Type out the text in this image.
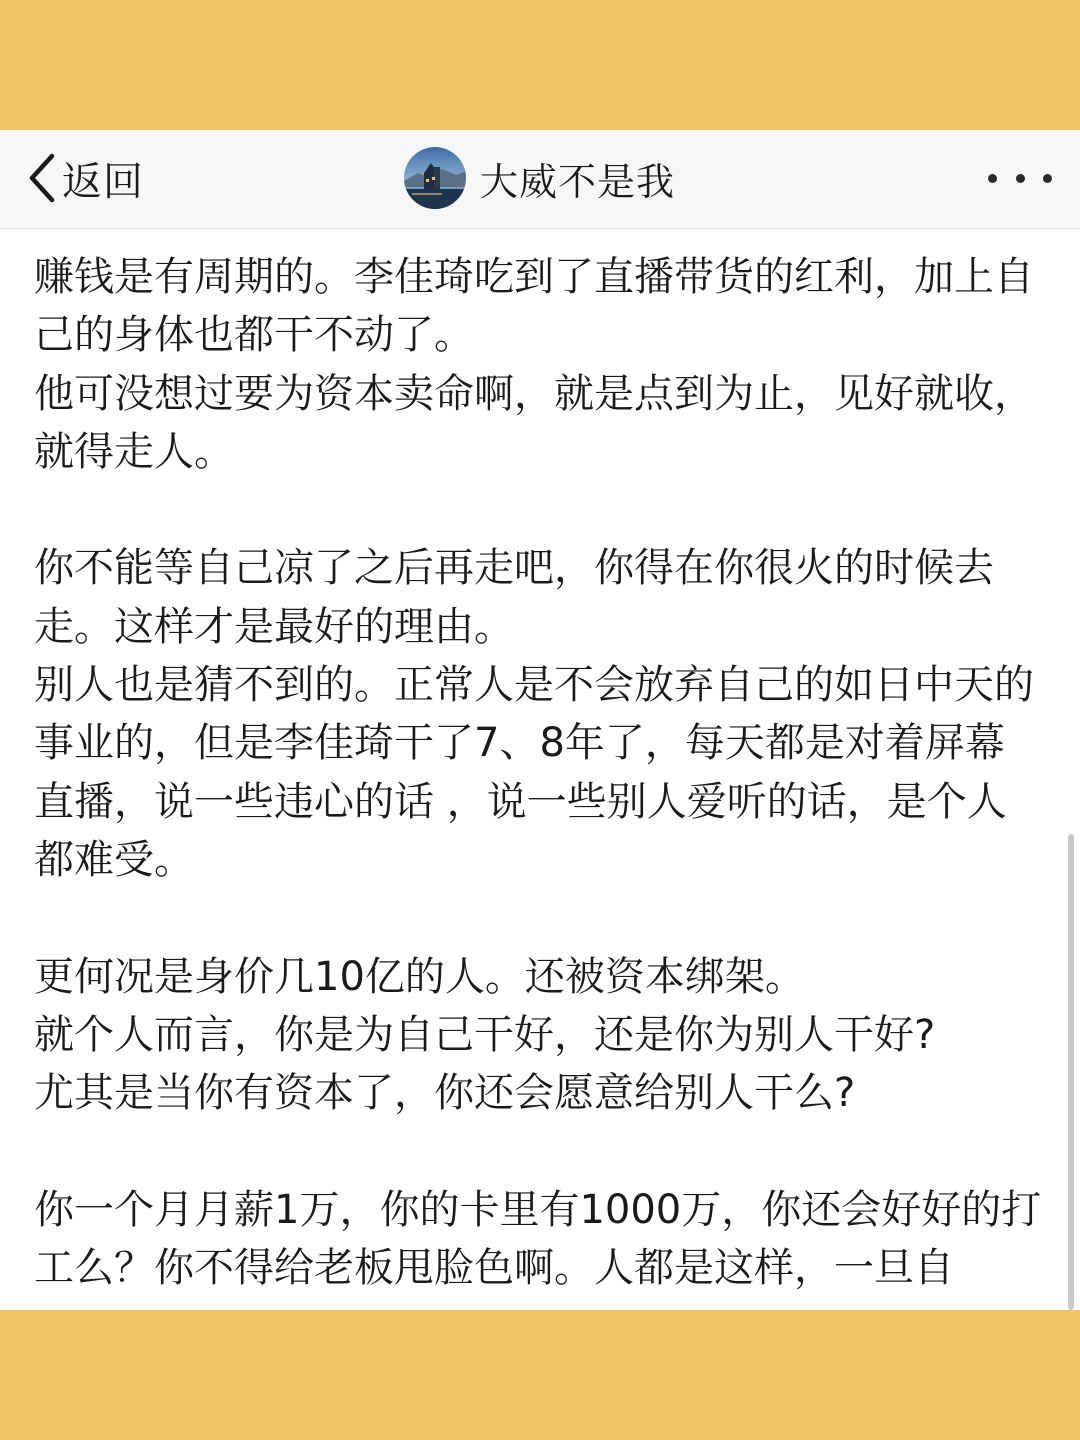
返回	大威不是我

赚钱是有周期的。李佳琦吃到了直播带货的红利，加上自己的身体也都干不动了。

他可没想过要为资本卖命啊，就是点到为止，见好就收，就得走人。

你不能等自己凉了之后再走吧，你得在你很火的时候去走。这样才是最好的理由。

别人也是猜不到的。正常人是不会放弃自己的如日中天的事业的，但是李佳琦干了7、8年了，每天都是对着屏幕直播，说一些违心的话 ，说一些别人爱听的话，是个人都难受。

更何况是身价几10亿的人。还被资本绑架。

就个人而言，你是为自己干好，还是你为别人干好?

尤其是当你有资本了，你还会愿意给别人干么?

你一个月月薪1万，你的卡里有1000万，你还会好好的打工么？你不得给老板甩脸色啊。人都是这样，一旦自
